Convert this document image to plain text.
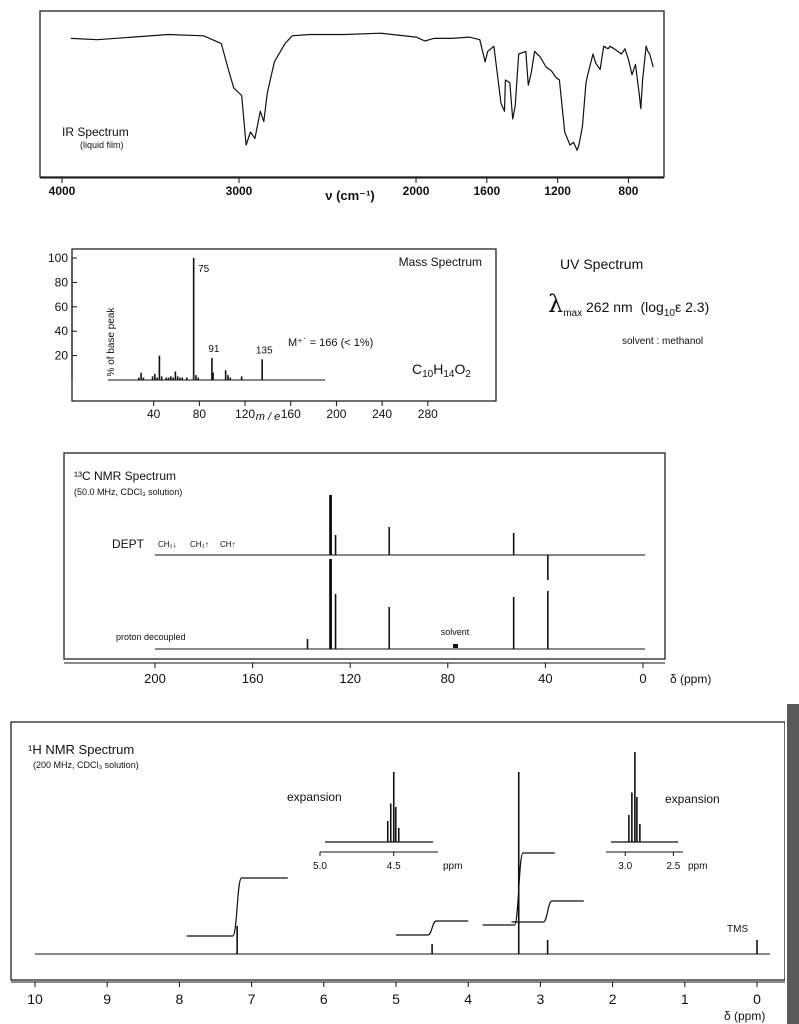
IR Spectrum
(liquid film)
4000	3000	2000	1600	1200	800
ν (cm⁻¹)
Mass Spectrum
% of base peak
20
40
60
80
100
40	80 120 160 200 240 280
75
91	135
M⁺˙ = 166 (< 1%)
C10H14O2
m / e
UV Spectrum
$\lambda_{max}$ 262 nm ($\log_{10}\varepsilon$ 2.3)
solvent : methanol
¹³C NMR Spectrum
(50.0 MHz, CDCl₃ solution)
DEPT CH₂↓ CH₃↑ CH↑
proton decoupled	solvent
200	160	120	80	40	0 δ (ppm)
¹H NMR Spectrum
(200 MHz, CDCl₃ solution)
expansion	expansion
5.0	4.5	ppm	3.0	2.5 ppm
TMS
10	9	8	7	6	5	4	3	2	1	0
δ (ppm)
